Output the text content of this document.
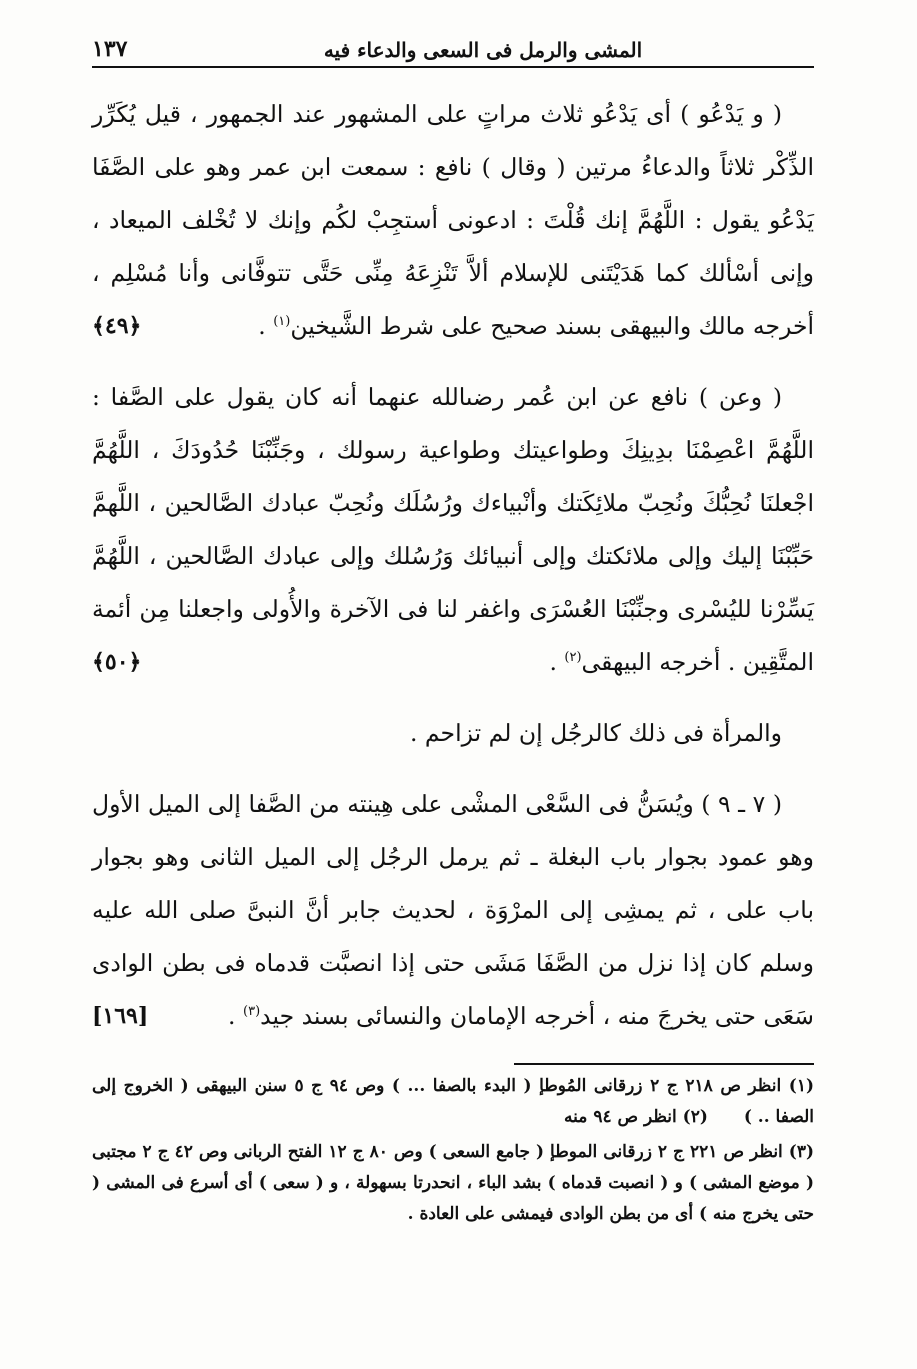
المشى والرمل فى السعى والدعاء فيه
١٣٧

( و يَدْعُو ) أى يَدْعُو ثلاث مراتٍ على المشهور عند الجمهور ، قيل يُكَرِّر الذِّكْر ثلاثاً والدعاءُ مرتين ( وقال ) نافع : سمعت ابن عمر وهو على الصَّفَا يَدْعُو يقول : اللَّهُمَّ إنك قُلْتَ : ادعونى أستجِبْ لكُم وإنك لا تُخْلف الميعاد ، وإنى أسْألك كما هَدَيْتَنى للإسلام ألاَّ تَنْزِعَهُ مِنِّى حَتَّى تتوفَّانى وأنا مُسْلِم ، أخرجه مالك والبيهقى بسند صحيح على شرط الشَّيخين$^{(١)}$ .
﴿٤٩﴾

( وعن ) نافع عن ابن عُمر رضىالله عنهما أنه كان يقول على الصَّفا : اللَّهُمَّ اعْصِمْنَا بدِينِكَ وطواعيتك وطواعية رسولك ، وجَنِّبْنَا حُدُودَكَ ، اللَّهُمَّ اجْعلنَا نُحِبُّكَ ونُحِبّ ملائِكَتك وأنْبياءك ورُسُلَك ونُحِبّ عبادك الصَّالحين ، اللَّهمَّ حَبِّبْنَا إليك وإلى ملائكتك وإلى أنبيائك وَرُسُلك وإلى عبادك الصَّالحين ، اللَّهُمَّ يَسِّرْنا لليُسْرى وجنِّبْنَا العُسْرَى واغفر لنا فى الآخرة والأُولى واجعلنا مِن أئمة المتَّقِين . أخرجه البيهقى$^{(٢)}$ .
﴿٥٠﴾

والمرأة فى ذلك كالرجُل إن لم تزاحم .

( ٧ ـ ٩ ) ويُسَنُّ فى السَّعْى المشْى على هِينته من الصَّفا إلى الميل الأول وهو عمود بجوار باب البغلة ـ ثم يرمل الرجُل إلى الميل الثانى وهو بجوار باب على ، ثم يمشِى إلى المرْوَة ، لحديث جابر أنَّ النبىَّ صلى الله عليه وسلم كان إذا نزل من الصَّفَا مَشَى حتى إذا انصبَّت قدماه فى بطن الوادى سَعَى حتى يخرجَ منه ، أخرجه الإمامان والنسائى بسند جيد$^{(٣)}$ .
[١٦٩]

(١) انظر ص ٢١٨ ج ٢ زرقانى المُوطإ ( البدء بالصفا ... ) وص ٩٤ ج ٥ سنن البيهقى ( الخروج إلى الصفا .. ) (٢) انظر ص ٩٤ منه

(٣) انظر ص ٢٢١ ج ٢ زرقانى الموطإ ( جامع السعى ) وص ٨٠ ج ١٢ الفتح الربانى وص ٤٢ ج ٢ مجتبى ( موضع المشى ) و ( انصبت قدماه ) بشد الباء ، انحدرتا بسهولة ، و ( سعى ) أى أسرع فى المشى ( حتى يخرج منه ) أى من بطن الوادى فيمشى على العادة .
